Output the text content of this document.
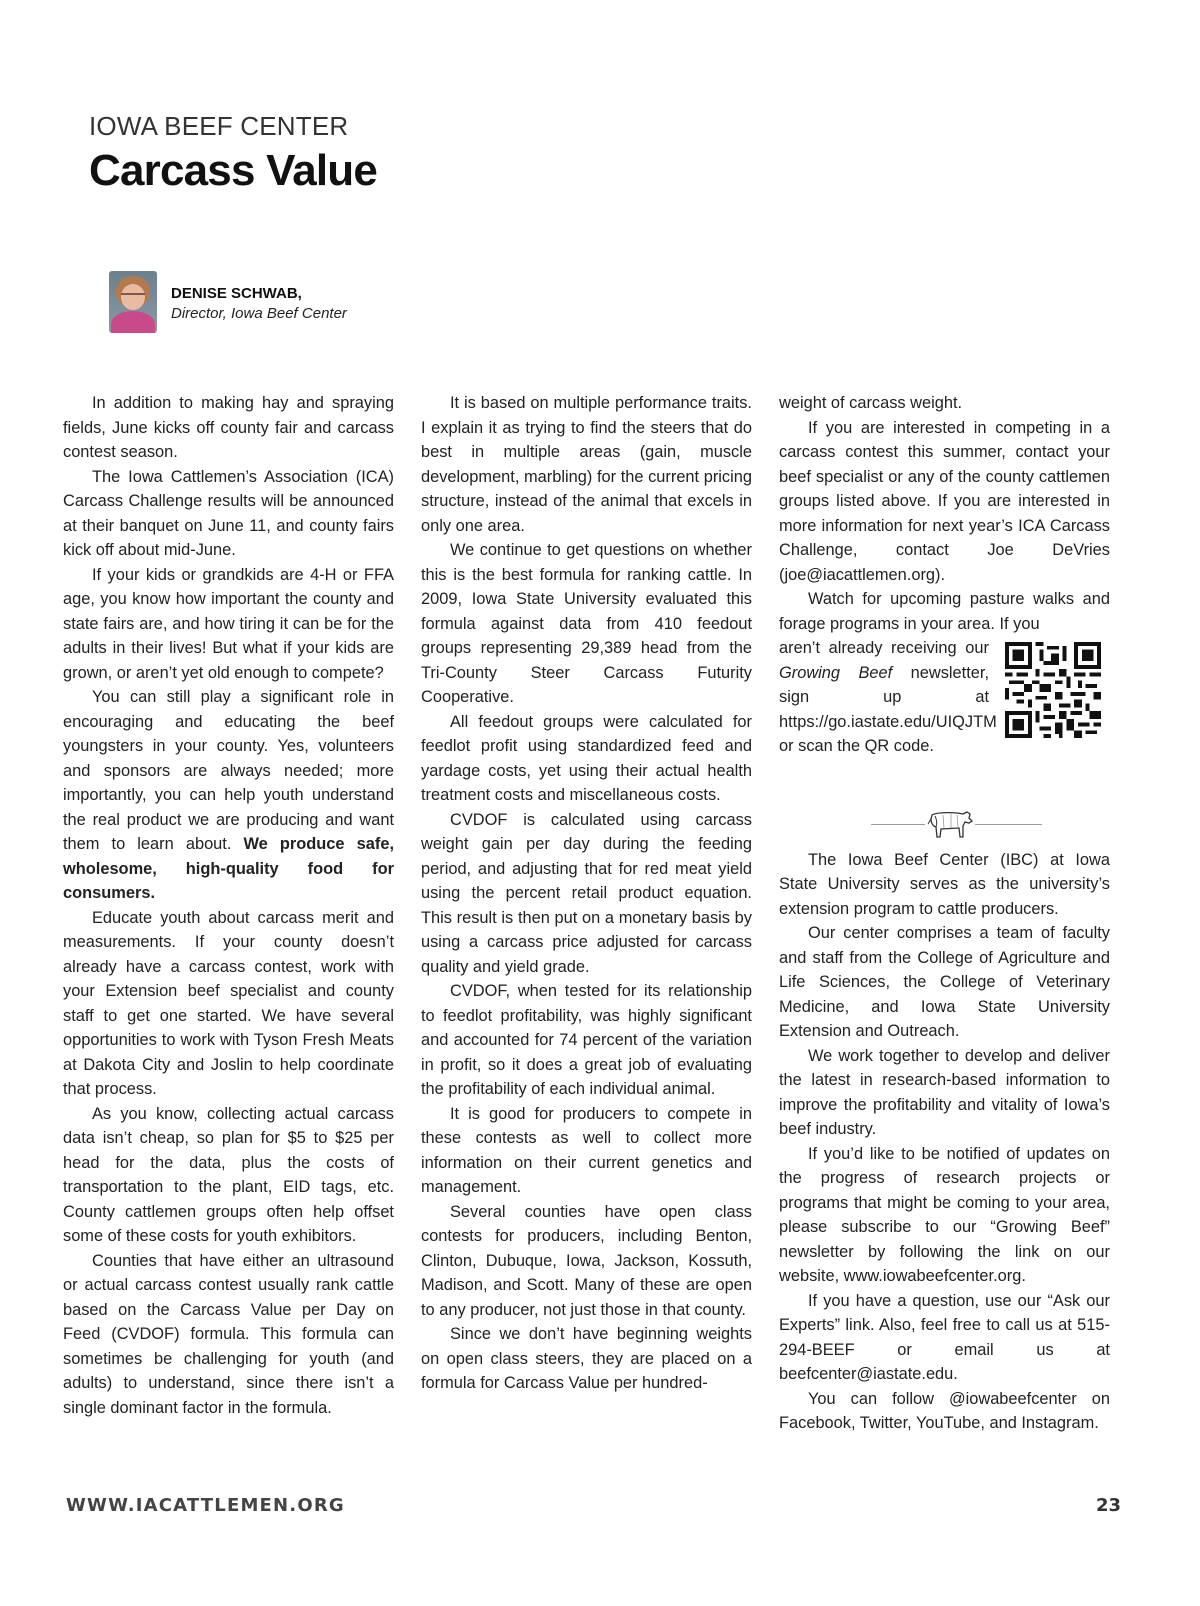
IOWA BEEF CENTER
Carcass Value
DENISE SCHWAB,
Director, Iowa Beef Center

In addition to making hay and spraying fields, June kicks off county fair and carcass contest season.

The Iowa Cattlemen’s Association (ICA) Carcass Challenge results will be announced at their banquet on June 11, and county fairs kick off about mid-June.

If your kids or grandkids are 4-H or FFA age, you know how important the county and state fairs are, and how tiring it can be for the adults in their lives! But what if your kids are grown, or aren’t yet old enough to compete?

You can still play a significant role in encouraging and educating the beef youngsters in your county. Yes, volunteers and sponsors are always needed; more importantly, you can help youth understand the real product we are producing and want them to learn about. We produce safe, wholesome, high-quality food for consumers.

Educate youth about carcass merit and measurements. If your county doesn’t already have a carcass contest, work with your Extension beef specialist and county staff to get one started. We have several opportunities to work with Tyson Fresh Meats at Dakota City and Joslin to help coordinate that process.

As you know, collecting actual carcass data isn’t cheap, so plan for $5 to $25 per head for the data, plus the costs of transportation to the plant, EID tags, etc. County cattlemen groups often help offset some of these costs for youth exhibitors.

Counties that have either an ultrasound or actual carcass contest usually rank cattle based on the Carcass Value per Day on Feed (CVDOF) formula. This formula can sometimes be challenging for youth (and adults) to understand, since there isn’t a single dominant factor in the formula.

It is based on multiple performance traits. I explain it as trying to find the steers that do best in multiple areas (gain, muscle development, marbling) for the current pricing structure, instead of the animal that excels in only one area.

We continue to get questions on whether this is the best formula for ranking cattle. In 2009, Iowa State University evaluated this formula against data from 410 feedout groups representing 29,389 head from the Tri-County Steer Carcass Futurity Cooperative.

All feedout groups were calculated for feedlot profit using standardized feed and yardage costs, yet using their actual health treatment costs and miscellaneous costs.

CVDOF is calculated using carcass weight gain per day during the feeding period, and adjusting that for red meat yield using the percent retail product equation. This result is then put on a monetary basis by using a carcass price adjusted for carcass quality and yield grade.

CVDOF, when tested for its relationship to feedlot profitability, was highly significant and accounted for 74 percent of the variation in profit, so it does a great job of evaluating the profitability of each individual animal.

It is good for producers to compete in these contests as well to collect more information on their current genetics and management.

Several counties have open class contests for producers, including Benton, Clinton, Dubuque, Iowa, Jackson, Kossuth, Madison, and Scott. Many of these are open to any producer, not just those in that county.

Since we don’t have beginning weights on open class steers, they are placed on a formula for Carcass Value per hundred-

weight of carcass weight.

If you are interested in competing in a carcass contest this summer, contact your beef specialist or any of the county cattlemen groups listed above. If you are interested in more information for next year’s ICA Carcass Challenge, contact Joe DeVries (joe@iacattlemen.org).

Watch for upcoming pasture walks and forage programs in your area. If you

aren’t already receiving our Growing Beef newsletter, sign up at https://go.iastate.edu/UIQJTM or scan the QR code.

The Iowa Beef Center (IBC) at Iowa State University serves as the university’s extension program to cattle producers.

Our center comprises a team of faculty and staff from the College of Agriculture and Life Sciences, the College of Veterinary Medicine, and Iowa State University Extension and Outreach.

We work together to develop and deliver the latest in research-based information to improve the profitability and vitality of Iowa’s beef industry.

If you’d like to be notified of updates on the progress of research projects or programs that might be coming to your area, please subscribe to our “Growing Beef” newsletter by following the link on our website, www.iowabeefcenter.org.

If you have a question, use our “Ask our Experts” link. Also, feel free to call us at 515-294-BEEF or email us at beefcenter@iastate.edu.

You can follow @iowabeefcenter on Facebook, Twitter, YouTube, and Instagram.

WWW.IACATTLEMEN.ORG	23
